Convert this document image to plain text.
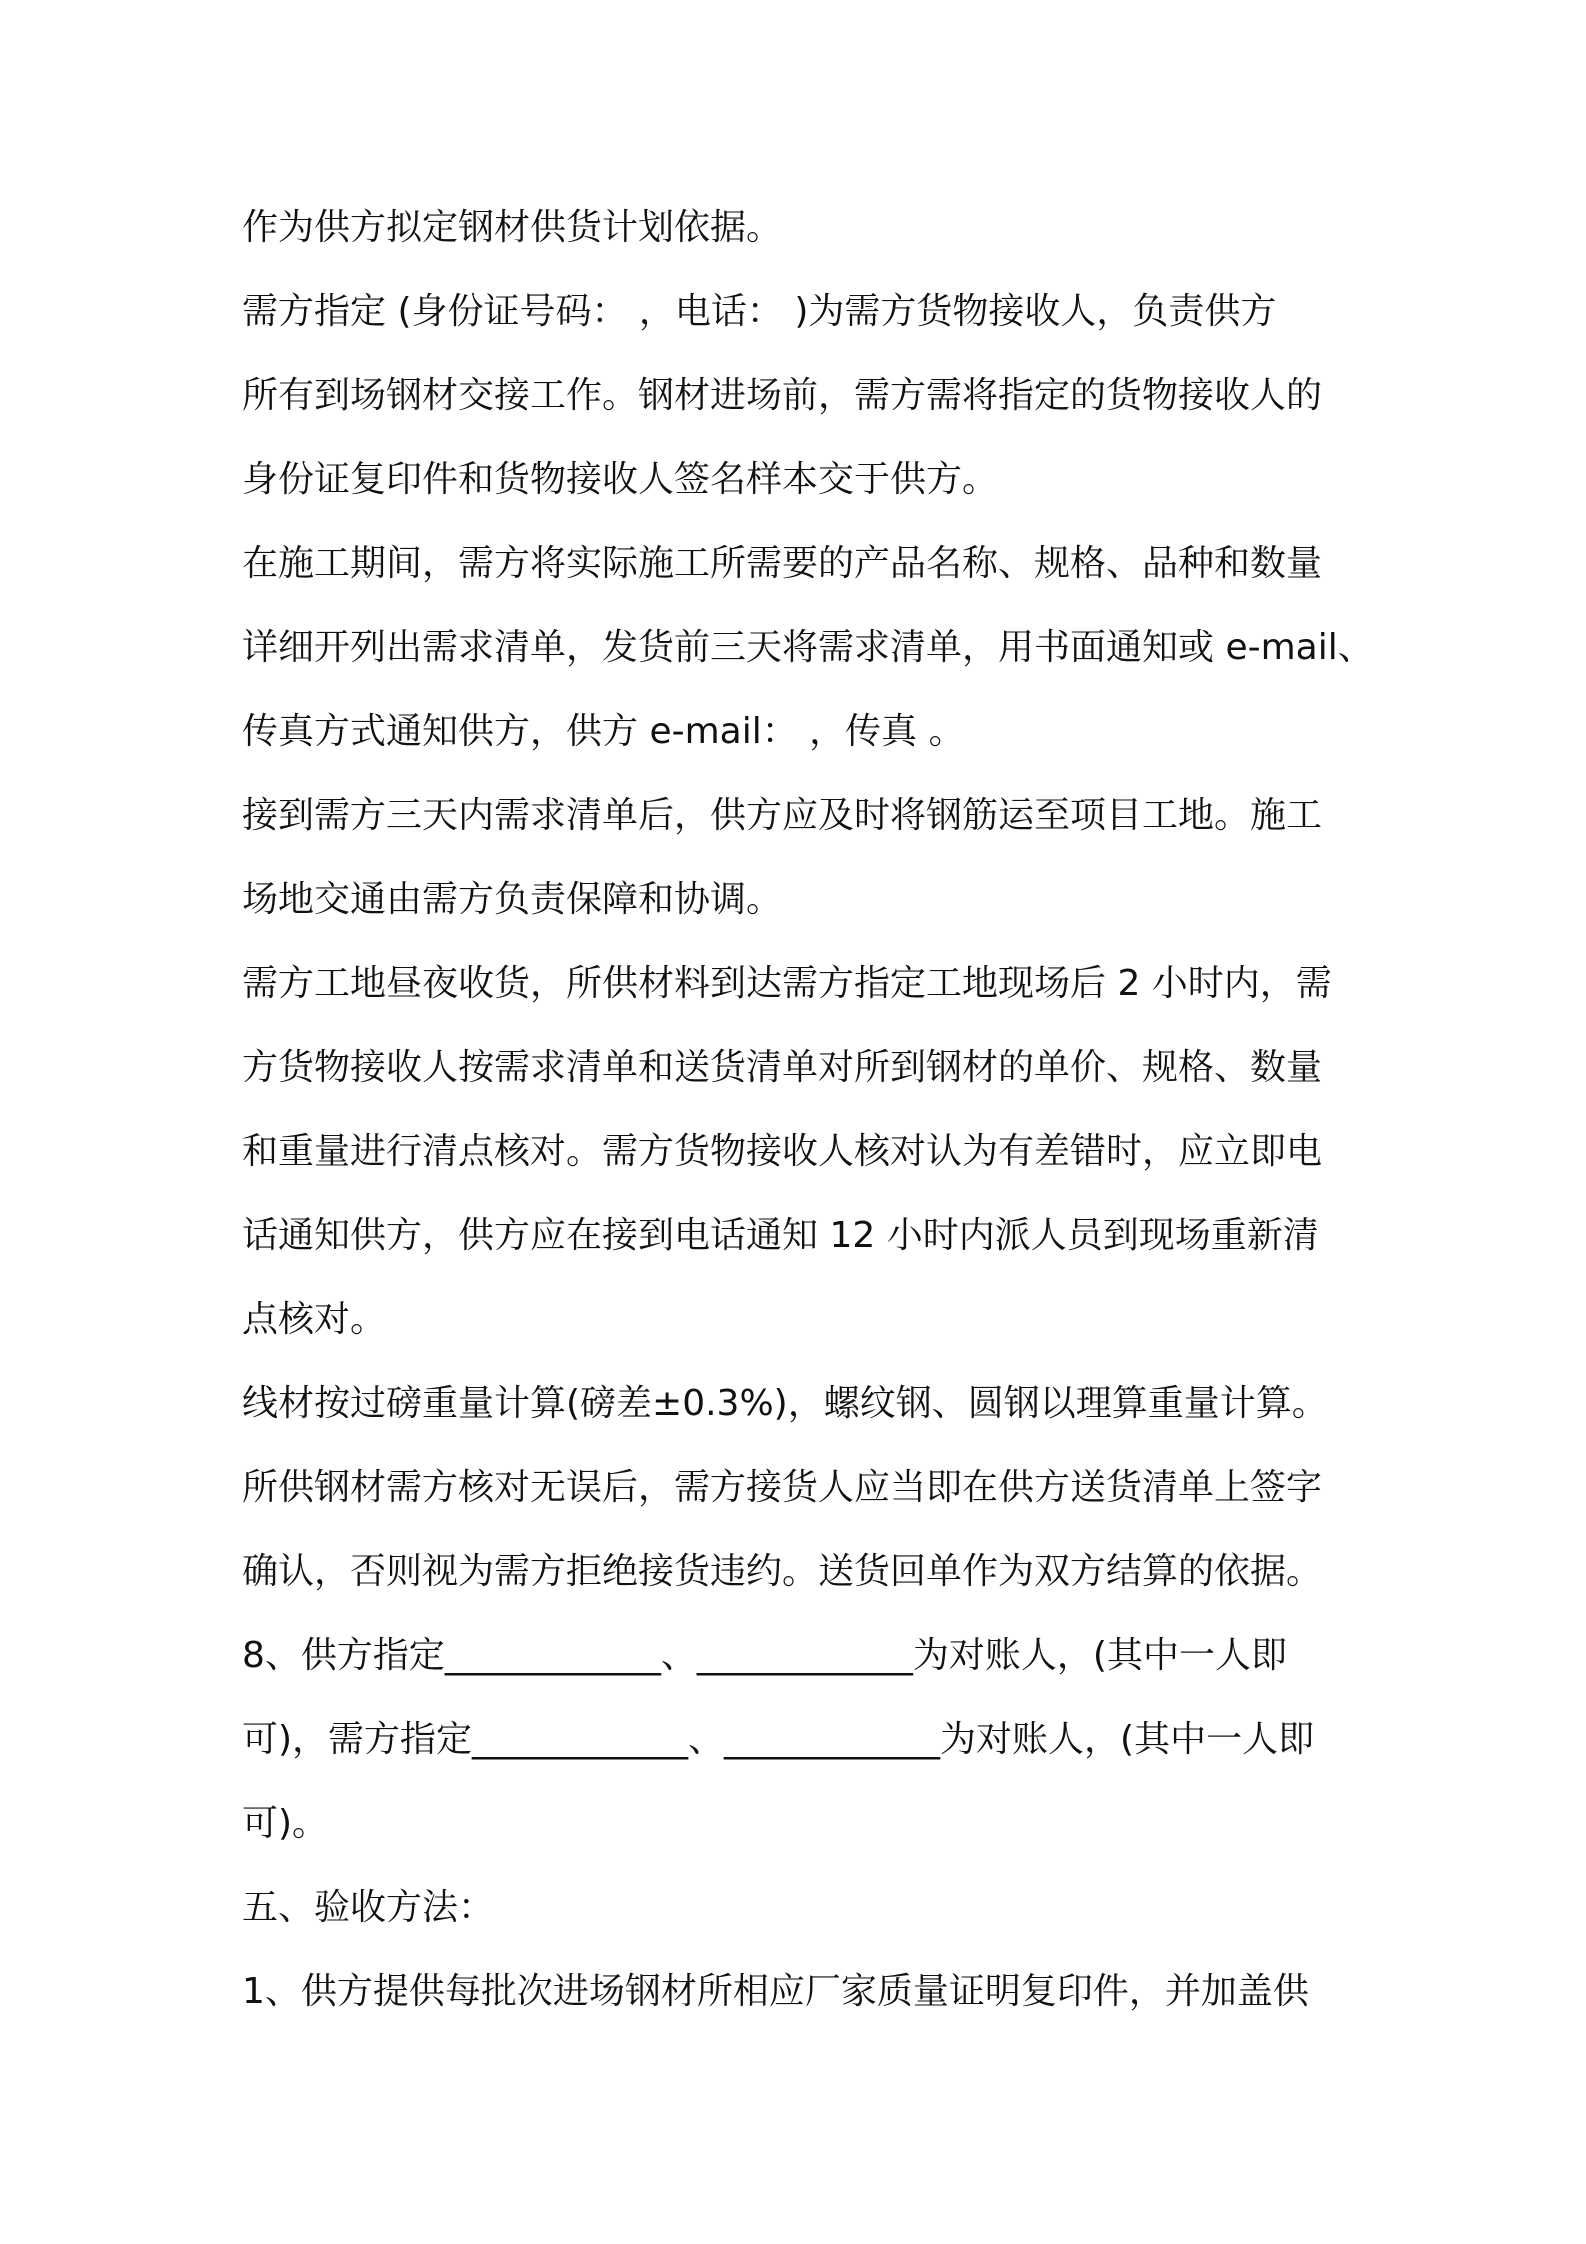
作为供方拟定钢材供货计划依据。
需方指定 (身份证号码： ，电话： )为需方货物接收人，负责供方
所有到场钢材交接工作。钢材进场前，需方需将指定的货物接收人的
身份证复印件和货物接收人签名样本交于供方。
在施工期间，需方将实际施工所需要的产品名称、规格、品种和数量
详细开列出需求清单，发货前三天将需求清单，用书面通知或 e-mail、
传真方式通知供方，供方 e-mail： ，传真 。
接到需方三天内需求清单后，供方应及时将钢筋运至项目工地。施工
场地交通由需方负责保障和协调。
需方工地昼夜收货，所供材料到达需方指定工地现场后 2 小时内，需
方货物接收人按需求清单和送货清单对所到钢材的单价、规格、数量
和重量进行清点核对。需方货物接收人核对认为有差错时，应立即电
话通知供方，供方应在接到电话通知 12 小时内派人员到现场重新清
点核对。
线材按过磅重量计算(磅差±0.3%)，螺纹钢、圆钢以理算重量计算。
所供钢材需方核对无误后，需方接货人应当即在供方送货清单上签字
确认，否则视为需方拒绝接货违约。送货回单作为双方结算的依据。
8、供方指定____________、____________为对账人，(其中一人即
可)，需方指定____________、____________为对账人，(其中一人即
可)。
五、验收方法：
1、供方提供每批次进场钢材所相应厂家质量证明复印件，并加盖供
